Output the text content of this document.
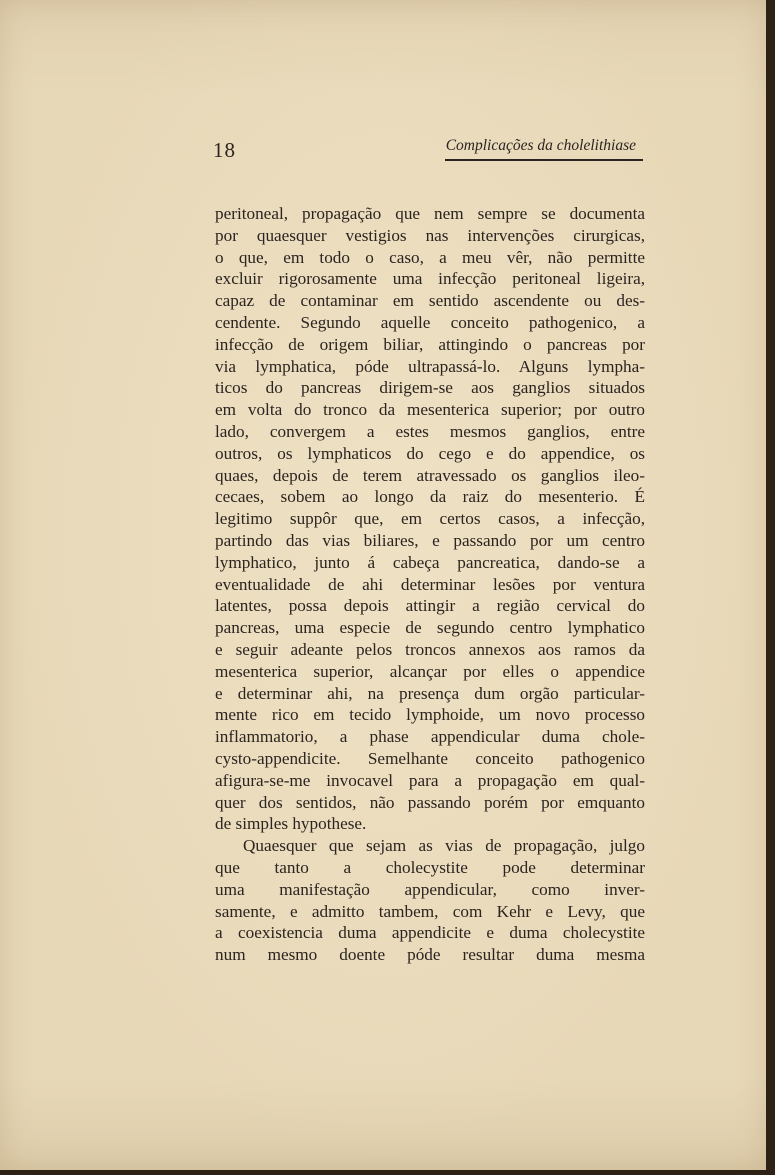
18	Complicações da cholelithiase
peritoneal, propagação que nem sempre se documenta
por quaesquer vestigios nas intervenções cirurgicas,
o que, em todo o caso, a meu vêr, não permitte
excluir rigorosamente uma infecção peritoneal ligeira,
capaz de contaminar em sentido ascendente ou des-
cendente. Segundo aquelle conceito pathogenico, a
infecção de origem biliar, attingindo o pancreas por
via lymphatica, póde ultrapassá-lo. Alguns lympha-
ticos do pancreas dirigem-se aos ganglios situados
em volta do tronco da mesenterica superior; por outro
lado, convergem a estes mesmos ganglios, entre
outros, os lymphaticos do cego e do appendice, os
quaes, depois de terem atravessado os ganglios ileo-
cecaes, sobem ao longo da raiz do mesenterio. É
legitimo suppôr que, em certos casos, a infecção,
partindo das vias biliares, e passando por um centro
lymphatico, junto á cabeça pancreatica, dando-se a
eventualidade de ahi determinar lesões por ventura
latentes, possa depois attingir a região cervical do
pancreas, uma especie de segundo centro lymphatico
e seguir adeante pelos troncos annexos aos ramos da
mesenterica superior, alcançar por elles o appendice
e determinar ahi, na presença dum orgão particular-
mente rico em tecido lymphoide, um novo processo
inflammatorio, a phase appendicular duma chole-
cysto-appendicite. Semelhante conceito pathogenico
afigura-se-me invocavel para a propagação em qual-
quer dos sentidos, não passando porém por emquanto
de simples hypothese.
Quaesquer que sejam as vias de propagação, julgo
que tanto a cholecystite pode determinar
uma manifestação appendicular, como inver-
samente, e admitto tambem, com Kehr e Levy, que
a coexistencia duma appendicite e duma cholecystite
num mesmo doente póde resultar duma mesma
